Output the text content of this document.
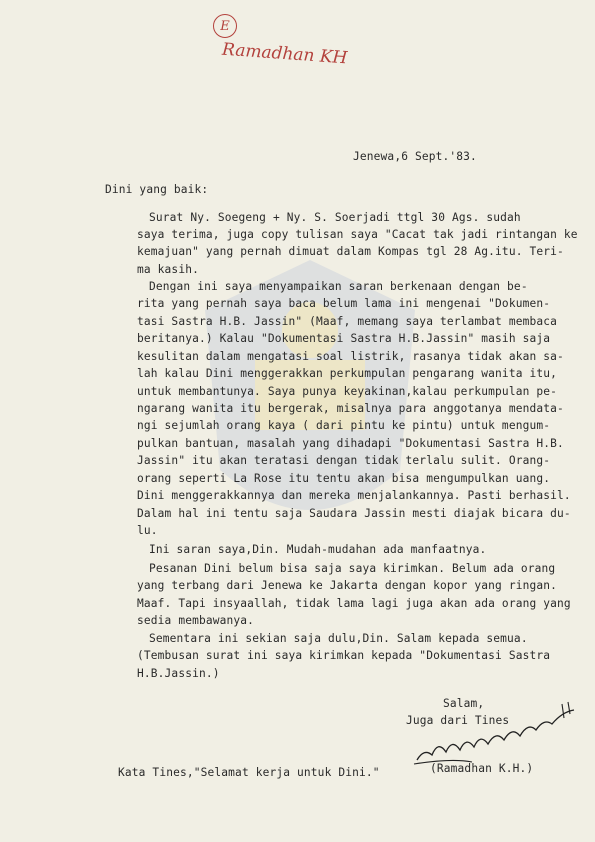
E
Ramadhan KH
Jenewa,6 Sept.'83.
Dini yang baik:
Surat Ny. Soegeng + Ny. S. Soerjadi ttgl 30 Ags. sudah
saya terima, juga copy tulisan saya "Cacat tak jadi rintangan ke
kemajuan" yang pernah dimuat dalam Kompas tgl 28 Ag.itu. Teri-
ma kasih.
Dengan ini saya menyampaikan saran berkenaan dengan be-
rita yang pernah saya baca belum lama ini mengenai "Dokumen-
tasi Sastra H.B. Jassin" (Maaf, memang saya terlambat membaca
beritanya.) Kalau "Dokumentasi Sastra H.B.Jassin" masih saja
kesulitan dalam mengatasi soal listrik, rasanya tidak akan sa-
lah kalau Dini menggerakkan perkumpulan pengarang wanita itu,
untuk membantunya. Saya punya keyakinan,kalau perkumpulan pe-
ngarang wanita itu bergerak, misalnya para anggotanya mendata-
ngi sejumlah orang kaya ( dari pintu ke pintu) untuk mengum-
pulkan bantuan, masalah yang dihadapi "Dokumentasi Sastra H.B.
Jassin" itu akan teratasi dengan tidak terlalu sulit. Orang-
orang seperti La Rose itu tentu akan bisa mengumpulkan uang.
Dini menggerakkannya dan mereka menjalankannya. Pasti berhasil.
Dalam hal ini tentu saja Saudara Jassin mesti diajak bicara du-
lu.
Ini saran saya,Din. Mudah-mudahan ada manfaatnya.
Pesanan Dini belum bisa saja saya kirimkan. Belum ada orang
yang terbang dari Jenewa ke Jakarta dengan kopor yang ringan.
Maaf. Tapi insyaallah, tidak lama lagi juga akan ada orang yang
sedia membawanya.
Sementara ini sekian saja dulu,Din. Salam kepada semua.
(Tembusan surat ini saya kirimkan kepada "Dokumentasi Sastra
H.B.Jassin.)
Salam,
Juga dari Tines
Kata Tines,"Selamat kerja untuk Dini."	(Ramadhan K.H.)
